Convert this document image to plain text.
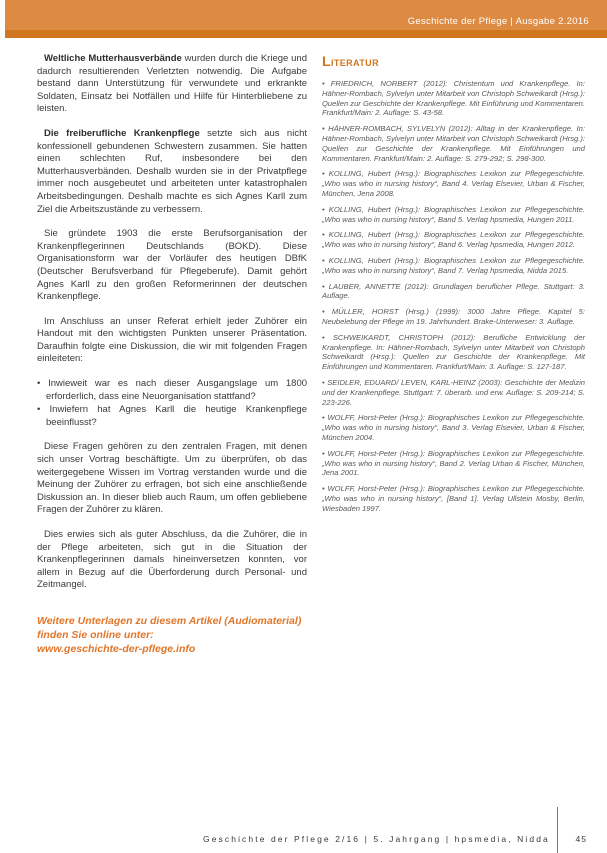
Geschichte der Pflege | Ausgabe 2.2016

Weltliche Mutterhausverbände wurden durch die Kriege und dadurch resultierenden Verletzten notwendig. Die Aufgabe bestand dann Unterstützung für verwundete und erkrankte Soldaten, Einsatz bei Notfällen und Hilfe für Hinterbliebene zu leisten.

Die freiberufliche Krankenpflege setzte sich aus nicht konfessionell gebundenen Schwestern zusammen. Sie hatten einen schlechten Ruf, insbesondere bei den Mutterhausverbänden. Deshalb wurden sie in der Privatpflege immer noch ausgebeutet und arbeiteten unter katastrophalen Arbeitsbedingungen. Deshalb machte es sich Agnes Karll zum Ziel die Arbeitszustände zu verbessern.

Sie gründete 1903 die erste Berufsorganisation der Krankenpflegerinnen Deutschlands (BOKD). Diese Organisationsform war der Vorläufer des heutigen DBfK (Deutscher Berufsverband für Pflegeberufe). Damit gehört Agnes Karll zu den großen Reformerinnen der deutschen Krankenpflege.

Im Anschluss an unser Referat erhielt jeder Zuhörer ein Handout mit den wichtigsten Punkten unserer Präsentation. Daraufhin folgte eine Diskussion, die wir mit folgenden Fragen einleiteten:

• Inwieweit war es nach dieser Ausgangslage um 1800 erforderlich, dass eine Neuorganisation stattfand?
• Inwiefern hat Agnes Karll die heutige Krankenpflege beeinflusst?

Diese Fragen gehören zu den zentralen Fragen, mit denen sich unser Vortrag beschäftigte. Um zu überprüfen, ob das weitergegebene Wissen im Vortrag verstanden wurde und die Meinung der Zuhörer zu erfragen, bot sich eine anschließende Diskussion an. In dieser blieb auch Raum, um offen gebliebene Fragen der Zuhörer zu klären.

Dies erwies sich als guter Abschluss, da die Zuhörer, die in der Pflege arbeiteten, sich gut in die Situation der Krankenpflegerinnen damals hineinversetzen konnten, vor allem in Bezug auf die Überforderung durch Personal- und Zeitmangel.

Weitere Unterlagen zu diesem Artikel (Audiomaterial) finden Sie online unter:
www.geschichte-der-pflege.info

LITERATUR
• FRIEDRICH, NORBERT (2012): Christentum und Krankenpflege. In: Hähner-Rombach, Sylvelyn unter Mitarbeit von Christoph Schweikardt (Hrsg.): Quellen zur Geschichte der Krankenpflege. Mit Einführung und Kommentaren. Frankfurt/Main: 2. Auflage: S. 43-58.
• HÄHNER-ROMBACH, SYLVELYN (2012): Alltag in der Krankenpflege. In: Hähner-Rombach, Sylvelyn unter Mitarbeit von Christoph Schweikardt (Hrsg.): Quellen zur Geschichte der Krankenpflege. Mit Einführungen und Kommentaren. Frankfurt/Main: 2. Auflage: S. 279-292; S. 298-300.
• KOLLING, Hubert (Hrsg.): Biographisches Lexikon zur Pflegegeschichte. „Who was who in nursing history“, Band 4. Verlag Elsevier, Urban & Fischer, München, Jena 2008.
• KOLLING, Hubert (Hrsg.): Biographisches Lexikon zur Pflegegeschichte. „Who was who in nursing history“, Band 5. Verlag hpsmedia, Hungen 2011.
• KOLLING, Hubert (Hrsg.): Biographisches Lexikon zur Pflegegeschichte. „Who was who in nursing history“, Band 6. Verlag hpsmedia, Hungen 2012.
• KOLLING, Hubert (Hrsg.): Biographisches Lexikon zur Pflegegeschichte. „Who was who in nursing history“, Band 7. Verlag hpsmedia, Nidda 2015.
• LAUBER, ANNETTE (2012): Grundlagen beruflicher Pflege. Stuttgart: 3. Auflage.
• MÜLLER, HORST (Hrsg.) (1999): 3000 Jahre Pflege. Kapitel 5: Neubelebung der Pflege im 19. Jahrhundert. Brake-Unterweser: 3. Auflage.
• SCHWEIKARDT, CHRISTOPH (2012): Berufliche Entwicklung der Krankenpflege. In: Hähner-Rombach, Sylvelyn unter Mitarbeit von Christoph Schweikardt (Hrsg.): Quellen zur Geschichte der Krankenpflege. Mit Einführungen und Kommentaren. Frankfurt/Main: 3. Auflage: S. 127-187.
• SEIDLER, EDUARD/ LEVEN, KARL-HEINZ (2003): Geschichte der Medizin und der Krankenpflege. Stuttgart: 7. überarb. und erw. Auflage: S. 209-214; S. 223-226.
• WOLFF, Horst-Peter (Hrsg.): Biographisches Lexikon zur Pflegegeschichte. „Who was who in nursing history“, Band 3. Verlag Elsevier, Urban & Fischer, München 2004.
• WOLFF, Horst-Peter (Hrsg.): Biographisches Lexikon zur Pflegegeschichte. „Who was who in nursing history“, Band 2. Verlag Urban & Fischer, München, Jena 2001.
• WOLFF, Horst-Peter (Hrsg.): Biographisches Lexikon zur Pflegegeschichte. „Who was who in nursing history“, [Band 1]. Verlag Ullstein Mosby, Berlin, Wiesbaden 1997.
Geschichte der Pflege 2/16 | 5. Jahrgang | hpsmedia, Nidda	45
